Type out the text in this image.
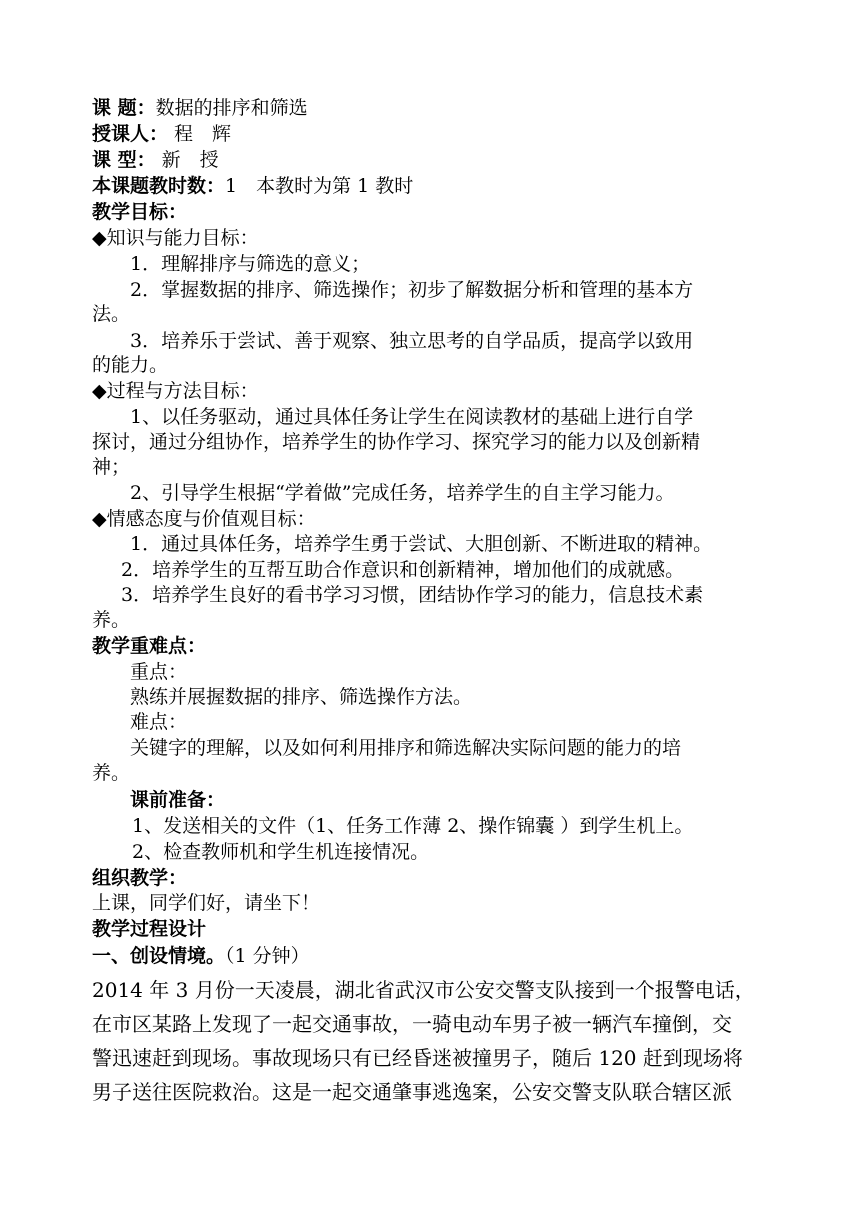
课 题：数据的排序和筛选
授课人： 程　辉
课 型： 新　授
本课题教时数：1　本教时为第 1 教时
教学目标：
◆知识与能力目标：
1．理解排序与筛选的意义；
2．掌握数据的排序、筛选操作；初步了解数据分析和管理的基本方
法。
3．培养乐于尝试、善于观察、独立思考的自学品质，提高学以致用
的能力。
◆过程与方法目标：
1、以任务驱动，通过具体任务让学生在阅读教材的基础上进行自学
探讨，通过分组协作，培养学生的协作学习、探究学习的能力以及创新精
神；
2、引导学生根据“学着做”完成任务，培养学生的自主学习能力。
◆情感态度与价值观目标：
1．通过具体任务，培养学生勇于尝试、大胆创新、不断进取的精神。
2．培养学生的互帮互助合作意识和创新精神，增加他们的成就感。
3．培养学生良好的看书学习习惯，团结协作学习的能力，信息技术素
养。
教学重难点：
重点：
熟练并展握数据的排序、筛选操作方法。
难点：
关键字的理解，以及如何利用排序和筛选解决实际问题的能力的培
养。
课前准备：
1、发送相关的文件（1、任务工作薄 2、操作锦囊 ）到学生机上。
2、检查教师机和学生机连接情况。
组织教学：
上课，同学们好，请坐下！
教学过程设计
一、创设情境。（1 分钟）
2014 年 3 月份一天凌晨，湖北省武汉市公安交警支队接到一个报警电话，
在市区某路上发现了一起交通事故，一骑电动车男子被一辆汽车撞倒，交
警迅速赶到现场。事故现场只有已经昏迷被撞男子，随后 120 赶到现场将
男子送往医院救治。这是一起交通肇事逃逸案，公安交警支队联合辖区派
